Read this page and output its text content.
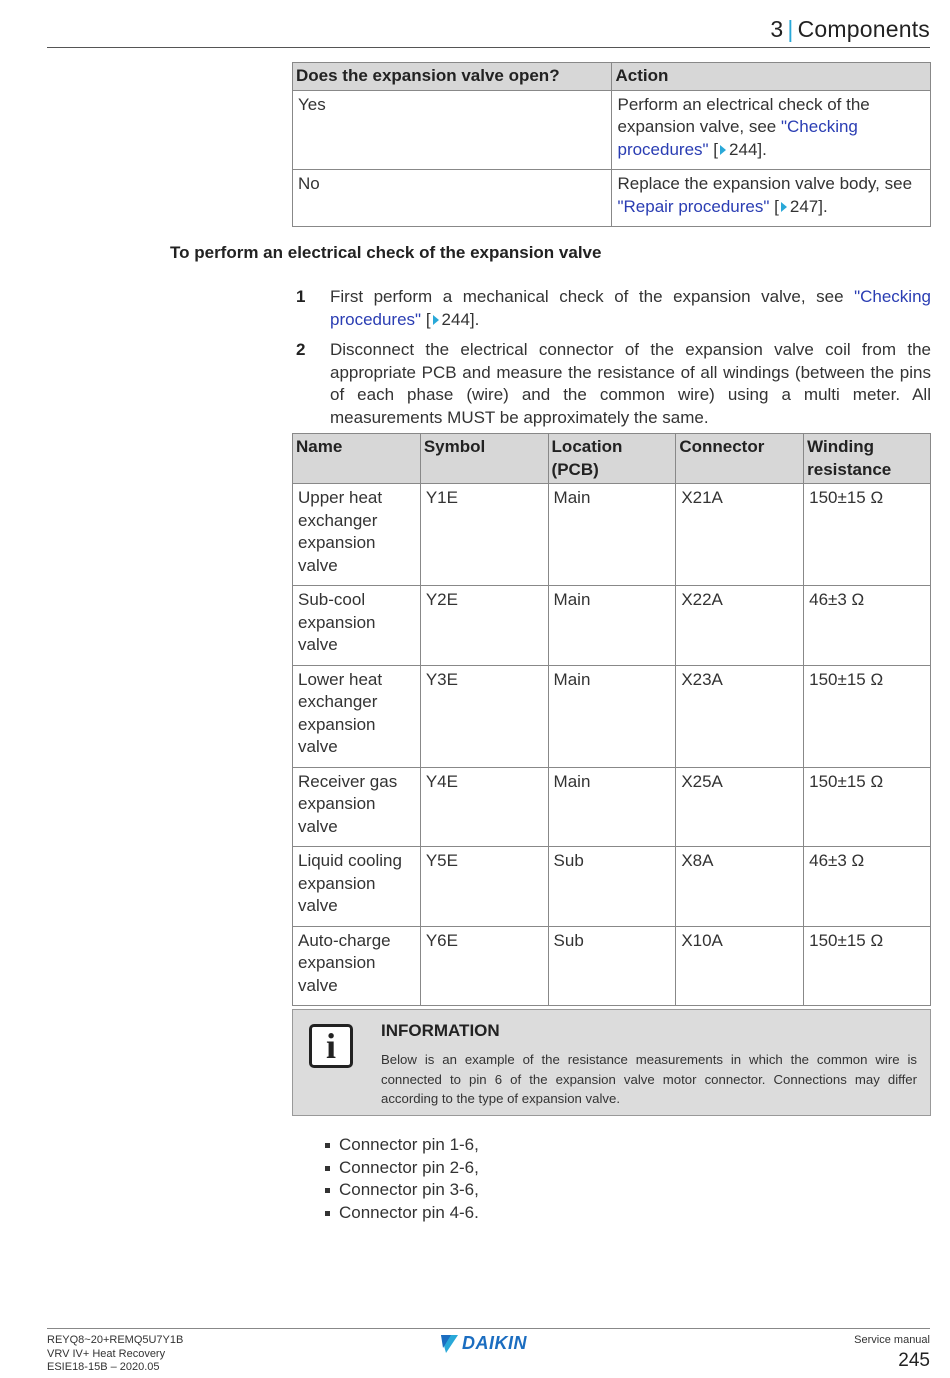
3 | Components
Does the expansion valve open?	Action
Yes	Perform an electrical check of the expansion valve, see "Checking procedures" [ 244].
No	Replace the expansion valve body, see "Repair procedures" [ 247].
To perform an electrical check of the expansion valve
1	First perform a mechanical check of the expansion valve, see "Checking procedures" [ 244].
2	Disconnect the electrical connector of the expansion valve coil from the appropriate PCB and measure the resistance of all windings (between the pins of each phase (wire) and the common wire) using a multi meter. All measurements MUST be approximately the same.
Name	Symbol	Location (PCB)	Connector	Winding resistance
Upper heat exchanger expansion valve	Y1E	Main	X21A	150±15 Ω
Sub-cool expansion valve	Y2E	Main	X22A	46±3 Ω
Lower heat exchanger expansion valve	Y3E	Main	X23A	150±15 Ω
Receiver gas expansion valve	Y4E	Main	X25A	150±15 Ω
Liquid cooling expansion valve	Y5E	Sub	X8A	46±3 Ω
Auto-charge expansion valve	Y6E	Sub	X10A	150±15 Ω
i	INFORMATION
Below is an example of the resistance measurements in which the common wire is connected to pin 6 of the expansion valve motor connector. Connections may differ according to the type of expansion valve.
Connector pin 1-6,
Connector pin 2-6,
Connector pin 3-6,
Connector pin 4-6.
REYQ8~20+REMQ5U7Y1B
VRV IV+ Heat Recovery
ESIE18-15B – 2020.05
DAIKIN	Service manual
245
